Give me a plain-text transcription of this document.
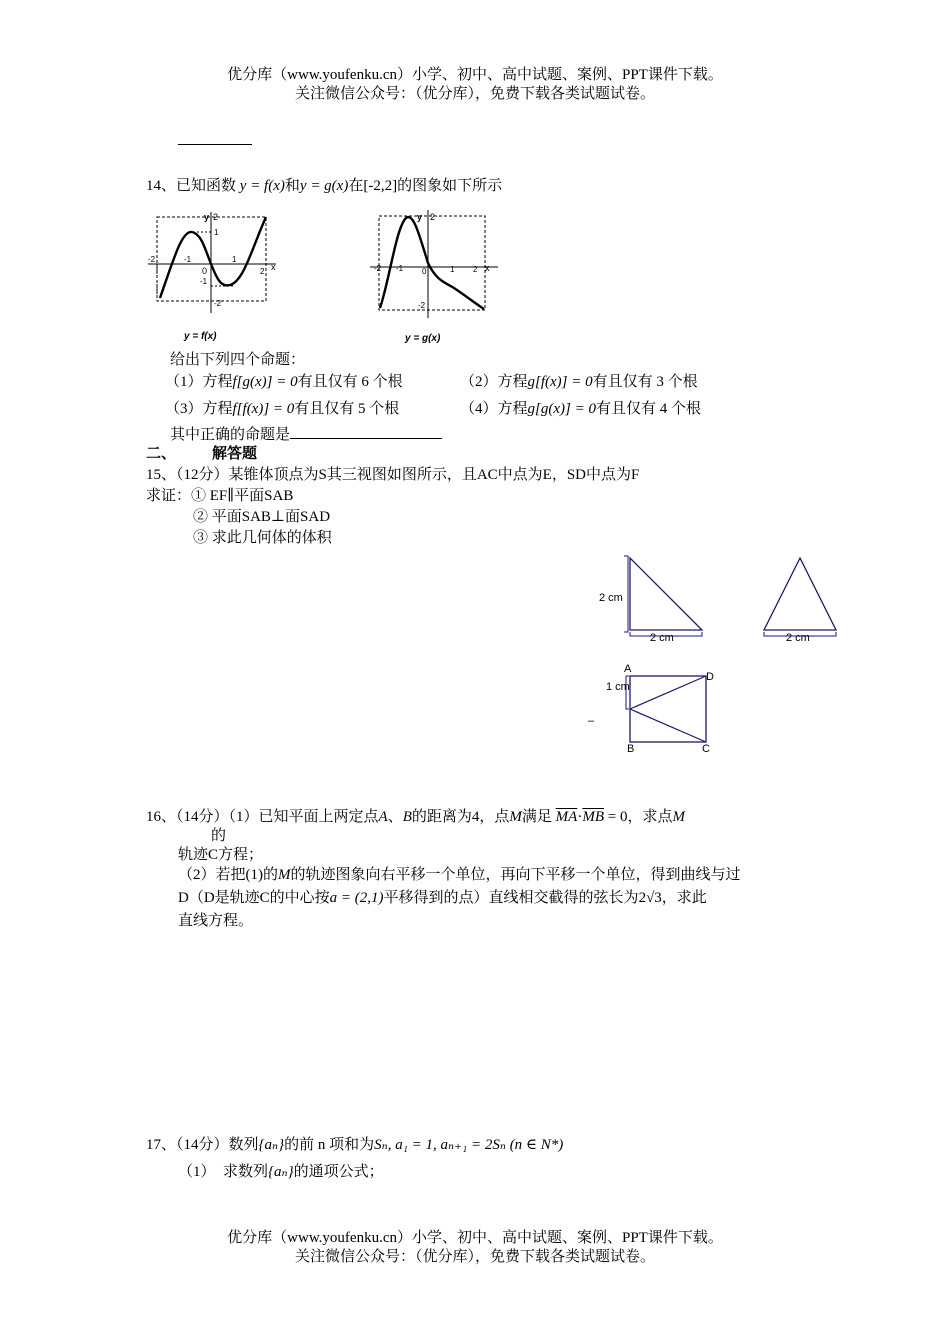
优分库（www.youfenku.cn）小学、初中、高中试题、案例、PPT课件下载。
关注微信公众号：（优分库），免费下载各类试题试卷。
14、已知函数 y = f(x)和y = g(x)在[-2,2]的图象如下所示
y 2
1
-1
-2
-2	-1
0
1
2 x
y = f(x)
y 2
-2
-2 -1 0	1 2 x
y = g(x)
给出下列四个命题：
（1）方程f[g(x)] = 0有且仅有 6 个根	（2）方程g[f(x)] = 0有且仅有 3 个根
（3）方程f[f(x)] = 0有且仅有 5 个根	（4）方程g[g(x)] = 0有且仅有 4 个根
其中正确的命题是
二、 解答题
15、（12分）某锥体顶点为S其三视图如图所示，且AC中点为E，SD中点为F
求证：① EF∥平面SAB
② 平面SAB⊥面SAD
③ 求此几何体的体积
2 cm
2 cm	2 cm
1 cm
A
D
B	C
–
16、（14分）（1）已知平面上两定点A、B的距离为4，点M满足 $\overline{MA}\cdot\overline{MB} = 0$，求点M
的
轨迹C方程；
（2）若把(1)的M的轨迹图象向右平移一个单位，再向下平移一个单位，得到曲线与过
D（D是轨迹C的中心按a = (2,1)平移得到的点）直线相交截得的弦长为2√3，求此
直线方程。
17、（14分）数列{aₙ}的前 n 项和为Sₙ, a₁ = 1, aₙ₊₁ = 2Sₙ (n ∈ N*)
（1）　求数列{aₙ}的通项公式；
优分库（www.youfenku.cn）小学、初中、高中试题、案例、PPT课件下载。
关注微信公众号：（优分库），免费下载各类试题试卷。
